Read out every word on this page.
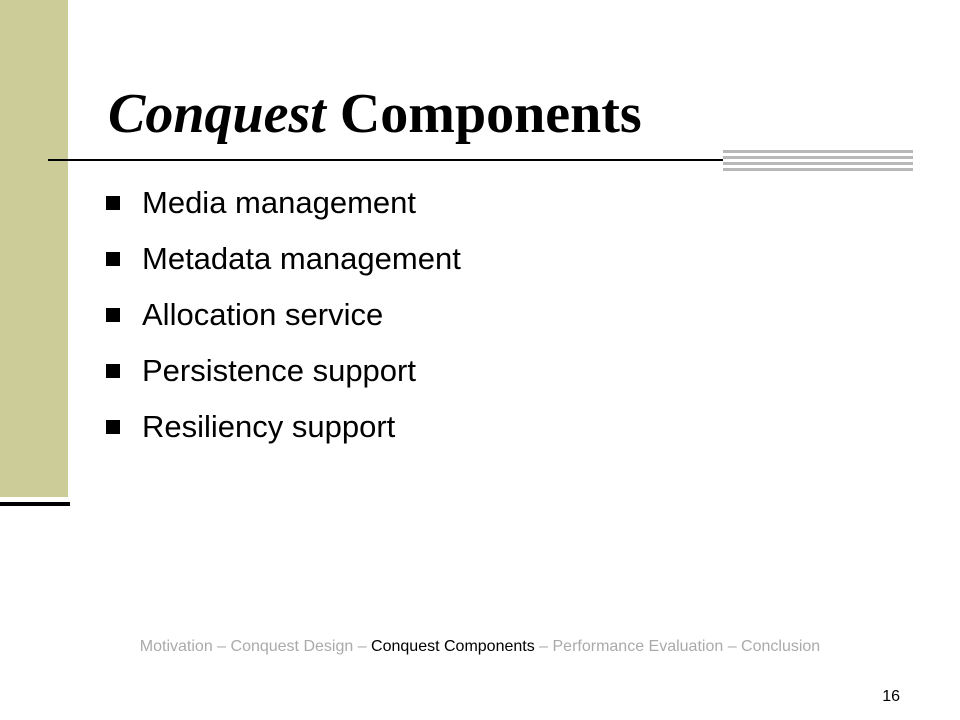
Conquest Components
Media management
Metadata management
Allocation service
Persistence support
Resiliency support
Motivation – Conquest Design – Conquest Components – Performance Evaluation – Conclusion
16
